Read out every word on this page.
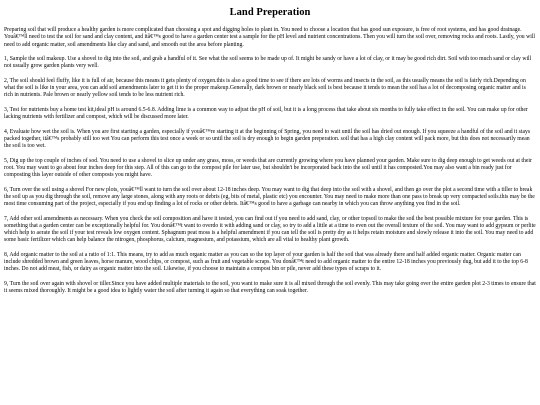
Land Preperation

Preparing soil that will produce a healthy garden is more complicated than choosing a spot and digging holes to plant in. You need to choose a location that has good sun exposure, is free of root systems, and has good drainage. Youâ€™ll need to test the soil for sand and clay content, and itâ€™s good to have a garden center test a sample for the pH level and nutrient concentrations. Then you will turn the soil over, removing rocks and roots. Lastly, you will need to add organic matter, soil amendments like clay and sand, and smooth out the area before planting.

1, Sample the soil makeup. Use a shovel to dig into the soil, and grab a handful of it. See what the soil seems to be made up of. It might be sandy or have a lot of clay, or it may be good rich dirt. Soil with too much sand or clay will not usually grow garden plants very well.

2, The soil should feel fluffy, like it is full of air, because this means it gets plenty of oxygen.this is also a good time to see if there are lots of worms and insects in the soil, as this usually means the soil is fairly rich.Depending on what the soil is like in your area, you can add soil amendments later to get it to the proper makeup.Generally, dark brown or nearly black soil is best because it tends to mean the soil has a lot of decomposing organic matter and is rich in nutrients. Pale brown or nearly yellow soil tends to be less nutrient rich.

3, Test for nutrients buy a home test kit,ideal pH is around 6.5-6.8. Adding lime is a common way to adjust the pH of soil, but it is a long process that take about six months to fully take effect in the soil. You can make up for other lacking nutrients with fertilizer and compost, which will be discussed more later.

4, Evaluate how wet the soil is. When you are first starting a garden, especially if youâ€™re starting it at the beginning of Spring, you need to wait until the soil has dried out enough. If you squeeze a handful of the soil and it stays packed together, itâ€™s probably still too wet You can perform this test once a week or so until the soil is dry enough to begin garden preperation. soil that has a high clay content will pack more, but this does not necessarily mean the soil is too wet.

5, Dig up the top couple of inches of sod. You need to use a shovel to slice up under any grass, moss, or weeds that are currently growing where you have planned your garden. Make sure to dig deep enough to get weeds out at their root. You may want to go about four inches deep for this step. All of this can go to the compost pile for later use, but shouldn't be incorporated back into the soil until it has composted.You may also want a bin ready just for composting this layer outside of other composts you might have.

6, Turn over the soil using a shovel For new plots, youâ€™ll want to turn the soil over about 12-18 inches deep. You may want to dig that deep into the soil with a shovel, and then go over the plot a second time with a tiller to break the soil up as you dig through the soil, remove any large stones, along with any roots or debris (eg, bits of metal, plastic etc) you encounter. You may need to make more than one pass to break up very compacted soils.this may be the most time consuming part of the project, especially if you end up finding a lot of rocks or other debris. Itâ€™s good to have a garbage can nearby in which you can throw anything you find in the soil.

7, Add other soil amendments as necessary. When you check the soil composition and have it tested, you can find out if you need to add sand, clay, or other topsoil to make the soil the best possible mixture for your garden. This is something that a garden center can be exceptionally helpful for. You donâ€™t want to overdo it with adding sand or clay, so try to add a little at a time to even out the overall texture of the soil. You may want to add gypsum or perlite which help to aerate the soil if your test reveals low oxygen content. Sphagnum peat moss is a helpful amendment if you can tell the soil is pretty dry as it helps retain moisture and slowly release it into the soil. You may need to add some basic fertilizer which can help balance the nitrogen, phosphorus, calcium, magnesium, and potassium, which are all vital to healthy plant growth.

8, Add organic matter to the soil at a ratio of 1:1. This means, try to add as much organic matter as you can so the top layer of your garden is half the soil that was already there and half added organic matter. Organic matter can include shredded brown and green leaves, horse manure, wood chips, or compost, such as fruit and vegetable scraps. You donâ€™t need to add organic matter to the entire 12-18 inches you previously dug, but add it to the top 6-8 inches. Do not add meat, fish, or dairy as organic matter into the soil. Likewise, if you choose to maintain a compost bin or pile, never add these types of scraps to it.

9, Turn the soil over again with shovel or tiller.Since you have added multiple materials to the soil, you want to make sure it is all mixed through the soil evenly. This may take going over the entire garden plot 2-3 times to ensure that it seems mixed thoroughly. It might be a good idea to lightly water the soil after turning it again so that everything can soak together.
